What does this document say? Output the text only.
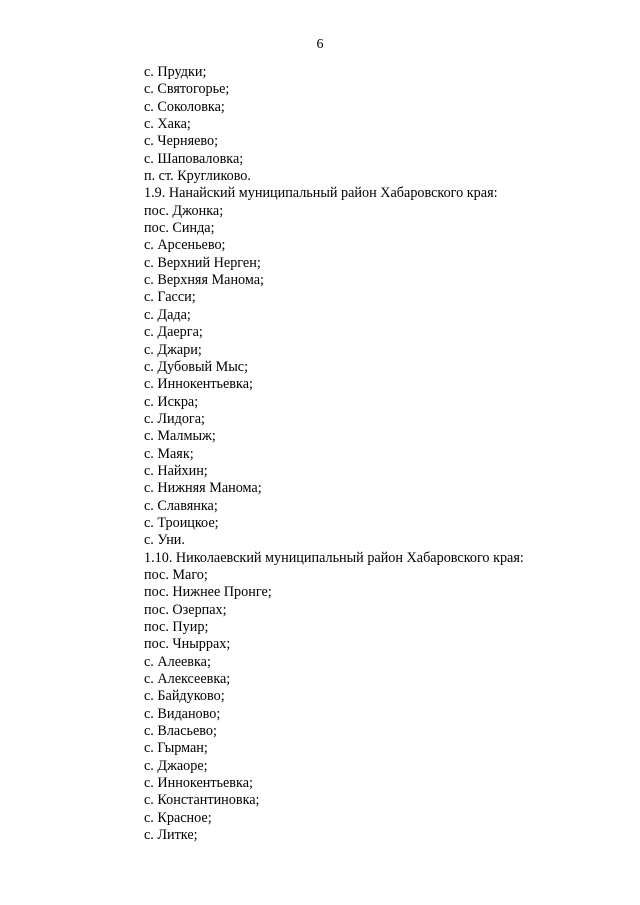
6
с. Прудки;
с. Святогорье;
с. Соколовка;
с. Хака;
с. Черняево;
с. Шаповаловка;
п. ст. Кругликово.
1.9. Нанайский муниципальный район Хабаровского края:
пос. Джонка;
пос. Синда;
с. Арсеньево;
с. Верхний Нерген;
с. Верхняя Манома;
с. Гасси;
с. Дада;
с. Даерга;
с. Джари;
с. Дубовый Мыс;
с. Иннокентьевка;
с. Искра;
с. Лидога;
с. Малмыж;
с. Маяк;
с. Найхин;
с. Нижняя Манома;
с. Славянка;
с. Троицкое;
с. Уни.
1.10. Николаевский муниципальный район Хабаровского края:
пос. Маго;
пос. Нижнее Пронге;
пос. Озерпах;
пос. Пуир;
пос. Чныррах;
с. Алеевка;
с. Алексеевка;
с. Байдуково;
с. Виданово;
с. Власьево;
с. Гырман;
с. Джаоре;
с. Иннокентьевка;
с. Константиновка;
с. Красное;
с. Литке;
